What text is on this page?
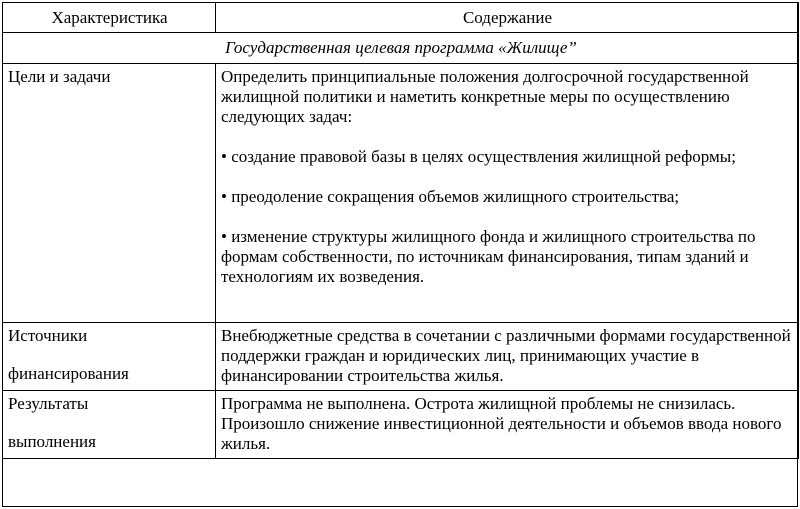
Характеристика	Содержание
Государственная целевая программа «Жилище”	
Цели и задачи	Определить принципиальные положения долгосрочной государственной жилищной политики и наметить конкретные меры по осуществлению следующих задач:

• создание правовой базы в целях осуществления жилищной реформы;

• преодоление сокращения объемов жилищного строительства;

• изменение структуры жилищного фонда и жилищного строительства по формам собственности, по источникам финансирования, типам зданий и технологиям их возведения.

Источники
финансирования	Внебюджетные средства в сочетании с различными формами государственной поддержки граждан и юридических лиц, принимающих участие в финансировании строительства жилья.

Результаты
выполнения	Программа не выполнена. Острота жилищной проблемы не снизилась. Произошло снижение инвестиционной деятельности и объемов ввода нового жилья.
